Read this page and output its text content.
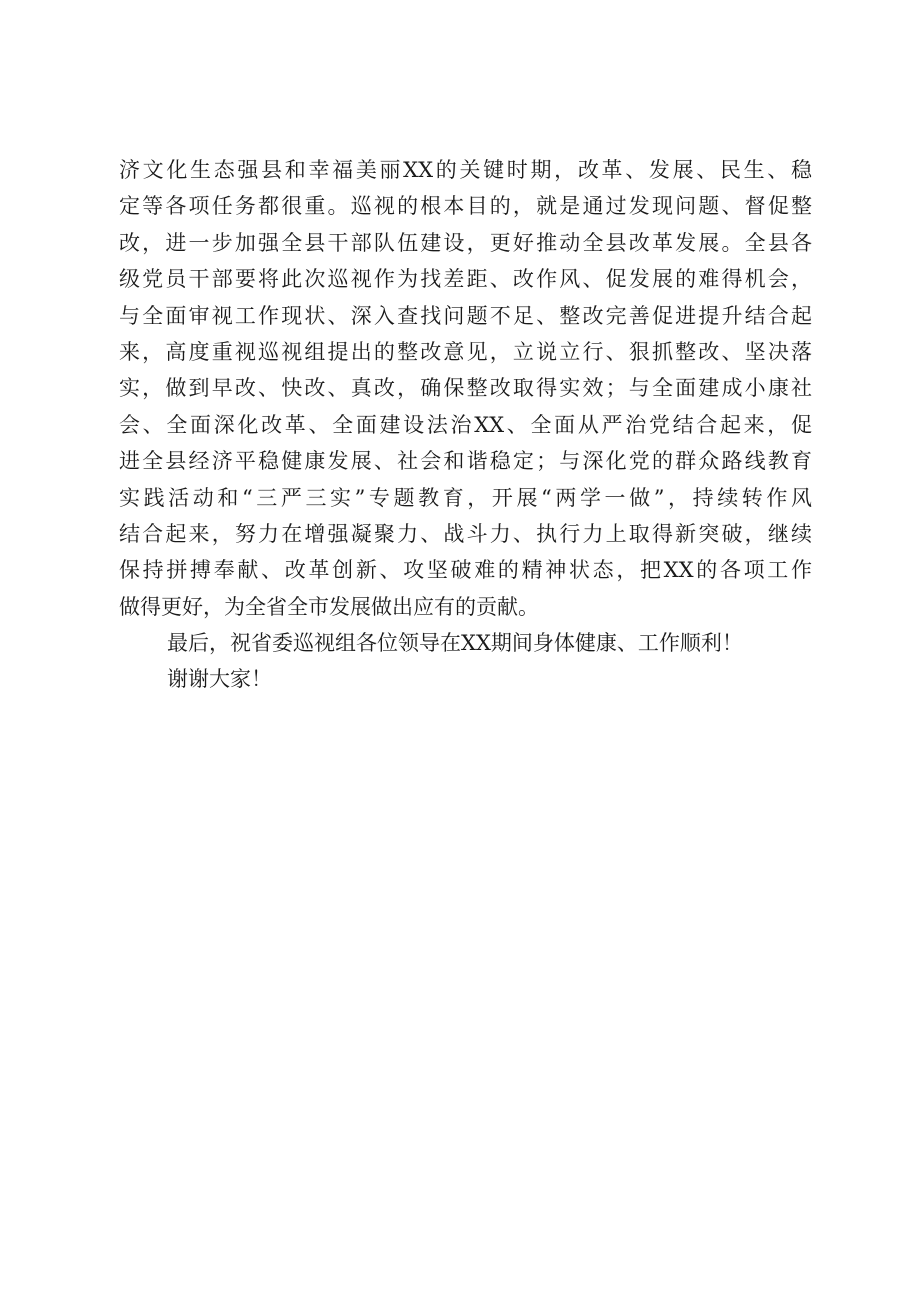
济文化生态强县和幸福美丽XX的关键时期，改革、发展、民生、稳
定等各项任务都很重。巡视的根本目的，就是通过发现问题、督促整
改，进一步加强全县干部队伍建设，更好推动全县改革发展。全县各
级党员干部要将此次巡视作为找差距、改作风、促发展的难得机会，
与全面审视工作现状、深入查找问题不足、整改完善促进提升结合起
来，高度重视巡视组提出的整改意见，立说立行、狠抓整改、坚决落
实，做到早改、快改、真改，确保整改取得实效；与全面建成小康社
会、全面深化改革、全面建设法治XX、全面从严治党结合起来，促
进全县经济平稳健康发展、社会和谐稳定；与深化党的群众路线教育
实践活动和“三严三实”专题教育，开展“两学一做”，持续转作风
结合起来，努力在增强凝聚力、战斗力、执行力上取得新突破，继续
保持拼搏奉献、改革创新、攻坚破难的精神状态，把XX的各项工作
做得更好，为全省全市发展做出应有的贡献。
最后，祝省委巡视组各位领导在XX期间身体健康、工作顺利！
谢谢大家！
